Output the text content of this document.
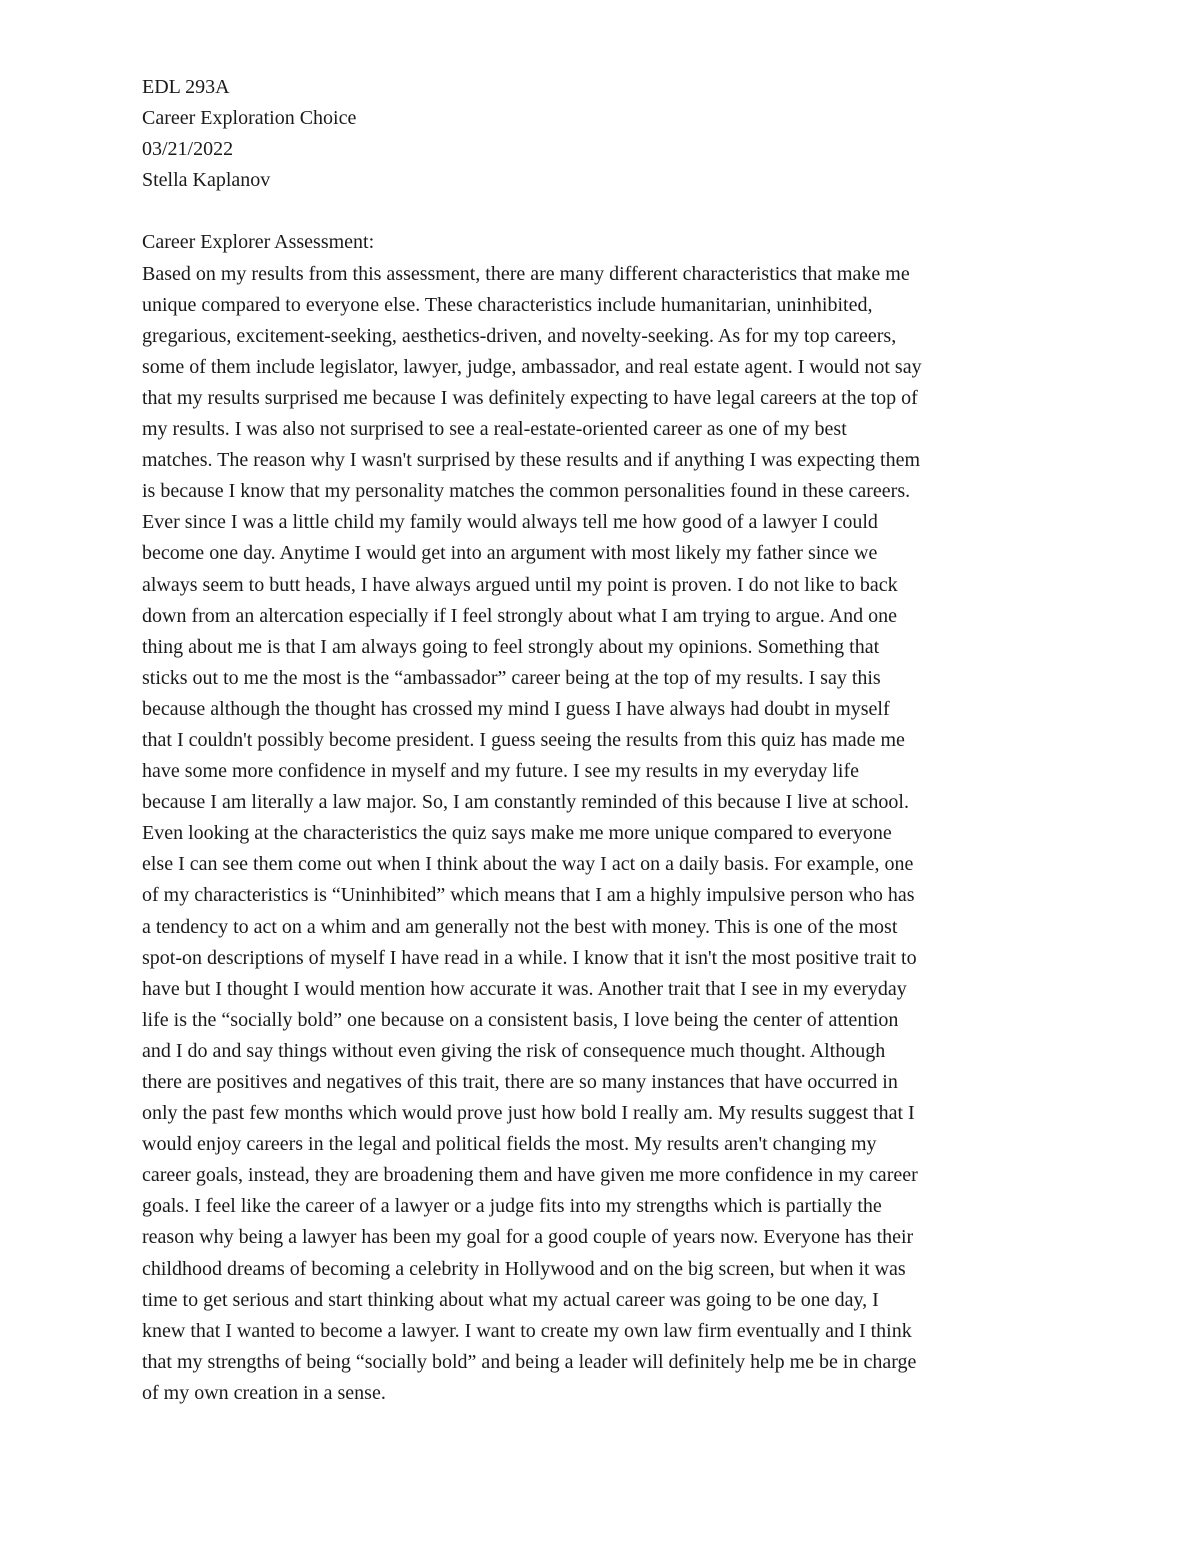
EDL 293A
Career Exploration Choice
03/21/2022
Stella Kaplanov
Career Explorer Assessment:
Based on my results from this assessment, there are many different characteristics that make me
unique compared to everyone else. These characteristics include humanitarian, uninhibited,
gregarious, excitement-seeking, aesthetics-driven, and novelty-seeking. As for my top careers,
some of them include legislator, lawyer, judge, ambassador, and real estate agent. I would not say
that my results surprised me because I was definitely expecting to have legal careers at the top of
my results. I was also not surprised to see a real-estate-oriented career as one of my best
matches. The reason why I wasn't surprised by these results and if anything I was expecting them
is because I know that my personality matches the common personalities found in these careers.
Ever since I was a little child my family would always tell me how good of a lawyer I could
become one day. Anytime I would get into an argument with most likely my father since we
always seem to butt heads, I have always argued until my point is proven. I do not like to back
down from an altercation especially if I feel strongly about what I am trying to argue. And one
thing about me is that I am always going to feel strongly about my opinions. Something that
sticks out to me the most is the “ambassador” career being at the top of my results. I say this
because although the thought has crossed my mind I guess I have always had doubt in myself
that I couldn't possibly become president. I guess seeing the results from this quiz has made me
have some more confidence in myself and my future. I see my results in my everyday life
because I am literally a law major. So, I am constantly reminded of this because I live at school.
Even looking at the characteristics the quiz says make me more unique compared to everyone
else I can see them come out when I think about the way I act on a daily basis. For example, one
of my characteristics is “Uninhibited” which means that I am a highly impulsive person who has
a tendency to act on a whim and am generally not the best with money. This is one of the most
spot-on descriptions of myself I have read in a while. I know that it isn't the most positive trait to
have but I thought I would mention how accurate it was. Another trait that I see in my everyday
life is the “socially bold” one because on a consistent basis, I love being the center of attention
and I do and say things without even giving the risk of consequence much thought. Although
there are positives and negatives of this trait, there are so many instances that have occurred in
only the past few months which would prove just how bold I really am. My results suggest that I
would enjoy careers in the legal and political fields the most. My results aren't changing my
career goals, instead, they are broadening them and have given me more confidence in my career
goals. I feel like the career of a lawyer or a judge fits into my strengths which is partially the
reason why being a lawyer has been my goal for a good couple of years now. Everyone has their
childhood dreams of becoming a celebrity in Hollywood and on the big screen, but when it was
time to get serious and start thinking about what my actual career was going to be one day, I
knew that I wanted to become a lawyer. I want to create my own law firm eventually and I think
that my strengths of being “socially bold” and being a leader will definitely help me be in charge
of my own creation in a sense.
